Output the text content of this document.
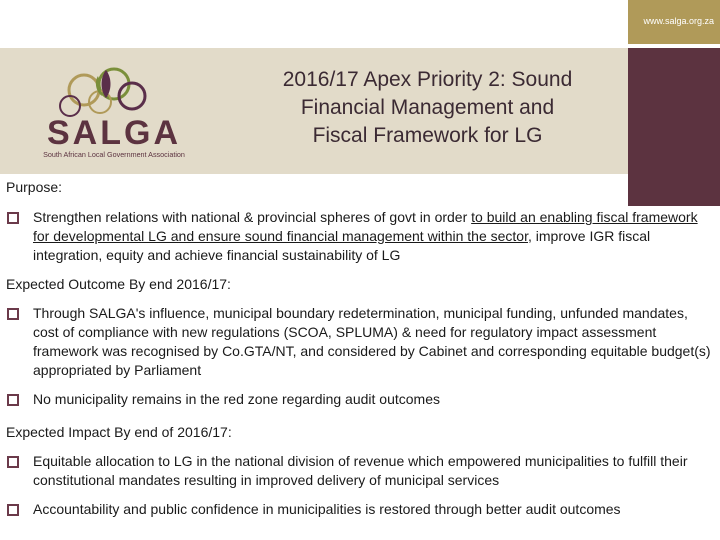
www.salga.org.za
SALGA
South African Local Government Association
2016/17 Apex Priority 2: Sound
Financial Management and
Fiscal Framework for LG
Purpose:
Strengthen relations with national & provincial spheres of govt in order to build an enabling fiscal framework for developmental LG and ensure sound financial management within the sector, improve IGR fiscal integration, equity and achieve financial sustainability of LG
Expected Outcome By end 2016/17:
Through SALGA's influence, municipal boundary redetermination, municipal funding, unfunded mandates, cost of compliance with new regulations (SCOA, SPLUMA) & need for regulatory impact assessment framework was recognised by Co.GTA/NT, and considered by Cabinet and corresponding equitable budget(s) appropriated by Parliament
No municipality remains in the red zone regarding audit outcomes
Expected Impact By end of 2016/17:
Equitable allocation to LG in the national division of revenue which empowered municipalities to fulfill their constitutional mandates resulting in improved delivery of municipal services
Accountability and public confidence in municipalities is restored through better audit outcomes
